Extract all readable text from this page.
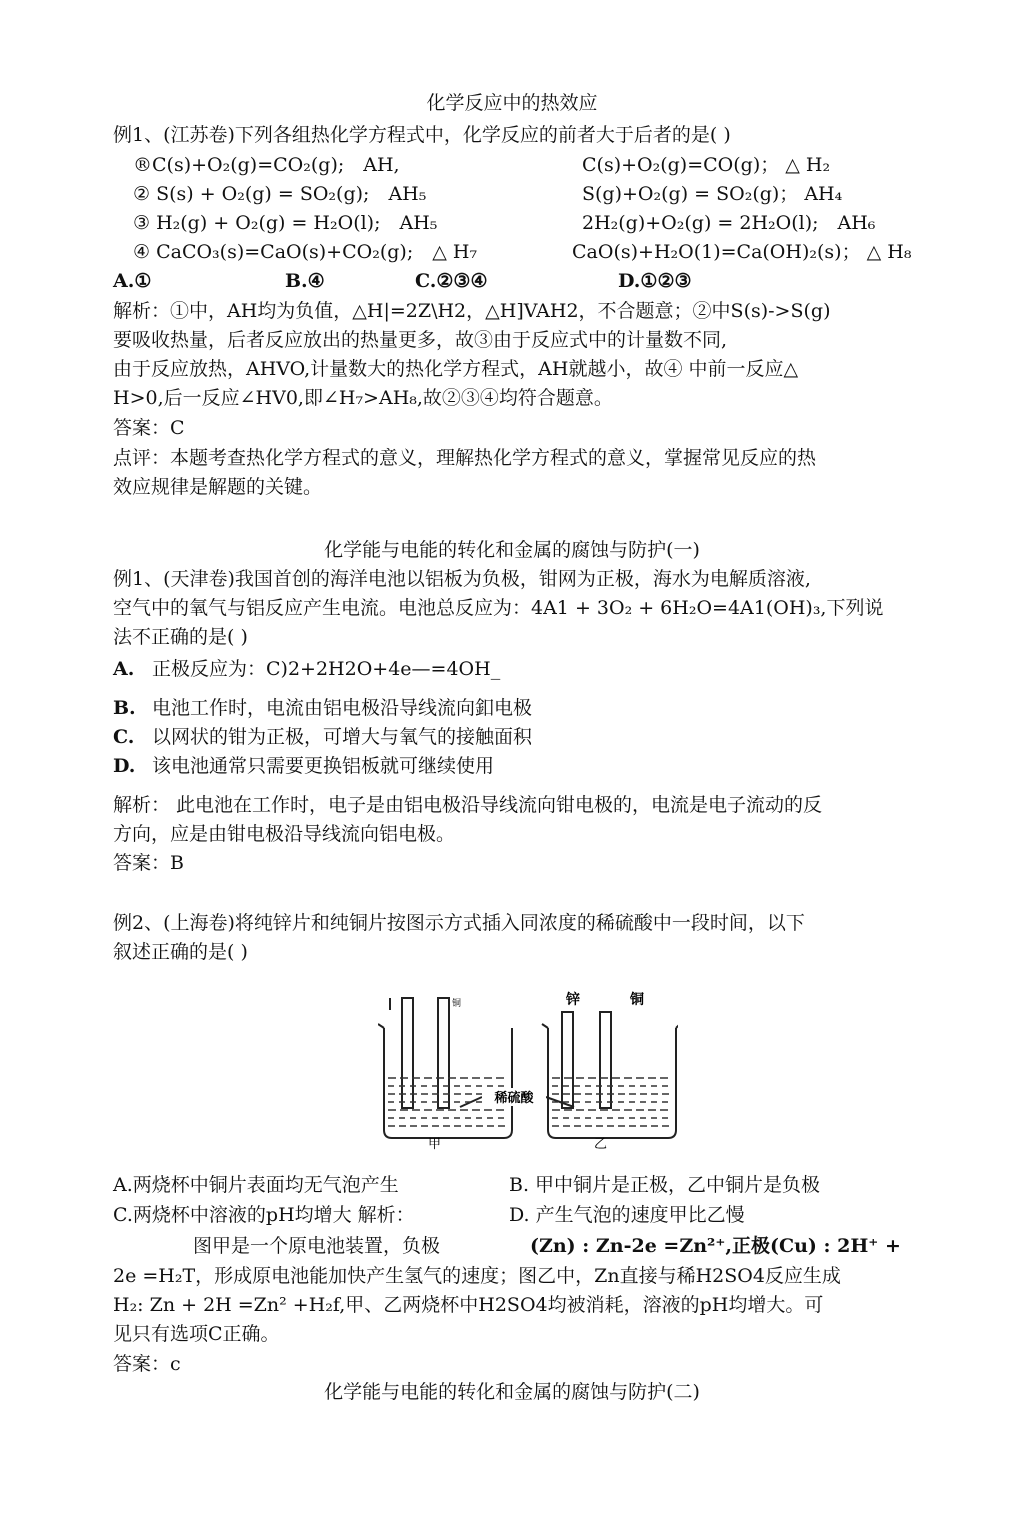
化学反应中的热效应
例1、(江苏卷)下列各组热化学方程式中，化学反应的前者大于后者的是( )
®C(s)+O₂(g)=CO₂(g);　AH,	C(s)+O₂(g)=CO(g)； △ H₂
② S(s) + O₂(g) = SO₂(g);　AH₅	S(g)+O₂(g) = SO₂(g)； AH₄
③ H₂(g) + O₂(g) = H₂O(l);　AH₅	2H₂(g)+O₂(g) = 2H₂O(l);　AH₆
④ CaCO₃(s)=CaO(s)+CO₂(g);　△ H₇	CaO(s)+H₂O(1)=Ca(OH)₂(s)； △ H₈
A.①	B.④	C.②③④	D.①②③
解析：①中，AH均为负值，△H|=2Z\H2，△H]VAH2，不合题意；②中S(s)->S(g)
要吸收热量，后者反应放出的热量更多，故③由于反应式中的计量数不同,
由于反应放热，AHVO,计量数大的热化学方程式，AH就越小，故④ 中前一反应△
H>0,后一反应∠HV0,即∠H₇>AH₈,故②③④均符合题意。
答案：C
点评：本题考查热化学方程式的意义，理解热化学方程式的意义，掌握常见反应的热
效应规律是解题的关键。
化学能与电能的转化和金属的腐蚀与防护(一)
例1、(天津卷)我国首创的海洋电池以铝板为负极，钳网为正极，海水为电解质溶液,
空气中的氧气与铝反应产生电流。电池总反应为：4A1 + 3O₂ + 6H₂O=4A1(OH)₃,下列说
法不正确的是( )
A. 正极反应为：C)2+2H2O+4e—=4OH_
B. 电池工作时，电流由铝电极沿导线流向釦电极
C. 以网状的钳为正极，可增大与氧气的接触面积
D. 该电池通常只需要更换铝板就可继续使用
解析： 此电池在工作时，电子是由铝电极沿导线流向钳电极的，电流是电子流动的反
方向，应是由钳电极沿导线流向铝电极。
答案：B
例2、(上海卷)将纯锌片和纯铜片按图示方式插入同浓度的稀硫酸中一段时间，以下
叙述正确的是( )
稀硫酸
铜	锌	铜
甲	乙
A.两烧杯中铜片表面均无气泡产生	B. 甲中铜片是正极，乙中铜片是负极
C.两烧杯中溶液的pH均增大 解析：	D. 产生气泡的速度甲比乙慢
图甲是一个原电池装置，负极	(Zn) : Zn-2e =Zn²⁺,正极(Cu) : 2H⁺ +
2e =H₂T，形成原电池能加快产生氢气的速度；图乙中，Zn直接与稀H2SO4反应生成
H₂: Zn + 2H =Zn² +H₂f,甲、乙两烧杯中H2SO4均被消耗，溶液的pH均增大。可
见只有选项C正确。
答案：c
化学能与电能的转化和金属的腐蚀与防护(二)
